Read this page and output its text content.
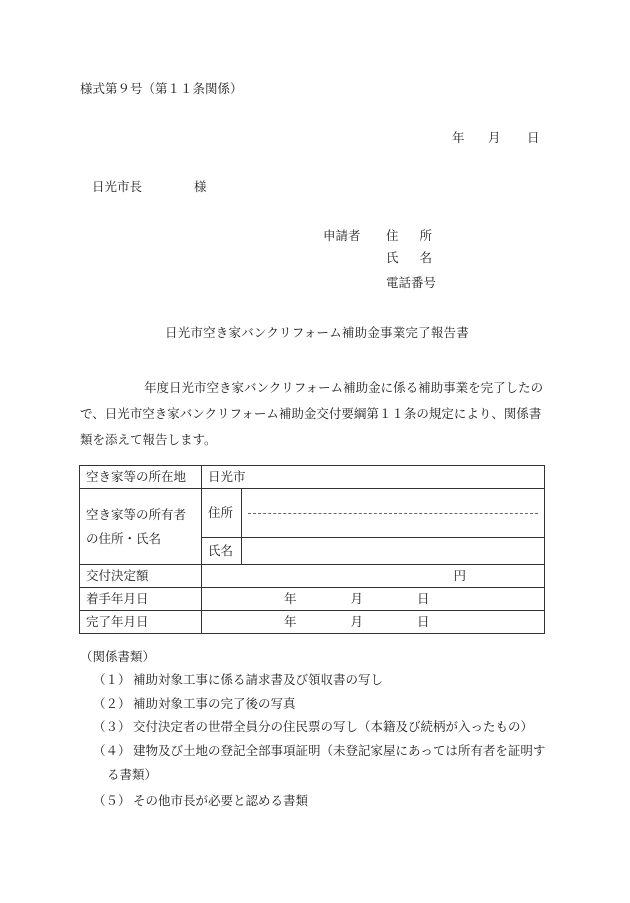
様式第９号（第１１条関係）
年 月 日
日光市長	様
申請者 住所
氏名
電話番号
日光市空き家バンクリフォーム補助金事業完了報告書
年度日光市空き家バンクリフォーム補助金に係る補助事業を完了したので、日光市空き家バンクリフォーム補助金交付要綱第１１条の規定により、関係書類を添えて報告します。
空き家等の所在地	日光市	

空き家等の所有者
の住所・氏名	住所	

	氏名	
交付決定額	円	

着手年月日	年 月 日	
完了年月日	年 月 日	
（関係書類）
（１） 補助対象工事に係る請求書及び領収書の写し
（２） 補助対象工事の完了後の写真
（３） 交付決定者の世帯全員分の住民票の写し（本籍及び続柄が入ったもの）
（４） 建物及び土地の登記全部事項証明（未登記家屋にあっては所有者を証明す
る書類）
（５） その他市長が必要と認める書類
